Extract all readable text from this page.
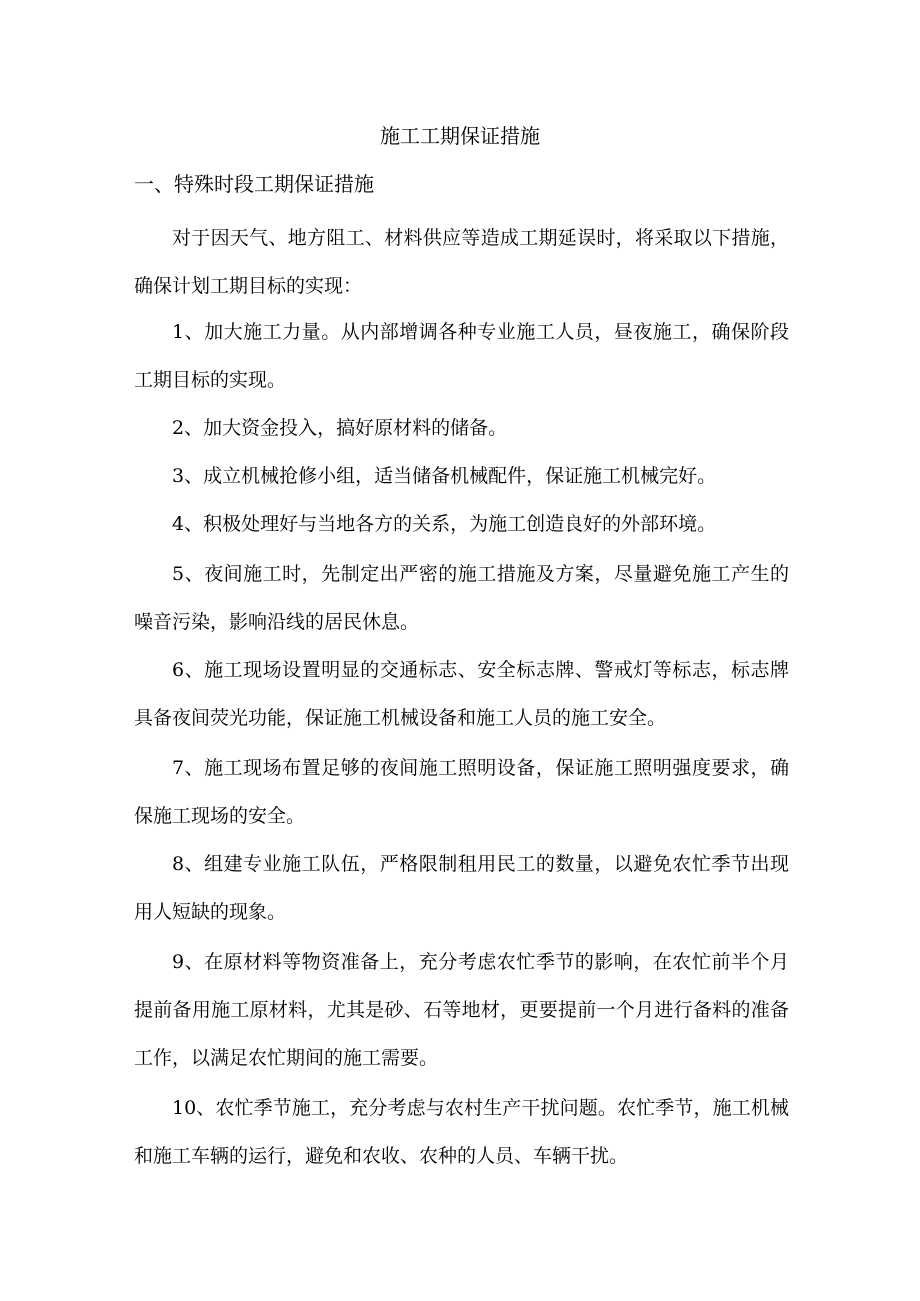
施工工期保证措施
一、特殊时段工期保证措施

对于因天气、地方阻工、材料供应等造成工期延误时，将采取以下措施，确保计划工期目标的实现：

1、加大施工力量。从内部增调各种专业施工人员，昼夜施工，确保阶段工期目标的实现。

2、加大资金投入，搞好原材料的储备。

3、成立机械抢修小组，适当储备机械配件，保证施工机械完好。

4、积极处理好与当地各方的关系，为施工创造良好的外部环境。

5、夜间施工时，先制定出严密的施工措施及方案，尽量避免施工产生的噪音污染，影响沿线的居民休息。

6、施工现场设置明显的交通标志、安全标志牌、警戒灯等标志，标志牌具备夜间荧光功能，保证施工机械设备和施工人员的施工安全。

7、施工现场布置足够的夜间施工照明设备，保证施工照明强度要求，确保施工现场的安全。

8、组建专业施工队伍，严格限制租用民工的数量，以避免农忙季节出现用人短缺的现象。

9、在原材料等物资准备上，充分考虑农忙季节的影响，在农忙前半个月提前备用施工原材料，尤其是砂、石等地材，更要提前一个月进行备料的准备工作，以满足农忙期间的施工需要。

10、农忙季节施工，充分考虑与农村生产干扰问题。农忙季节，施工机械和施工车辆的运行，避免和农收、农种的人员、车辆干扰。
